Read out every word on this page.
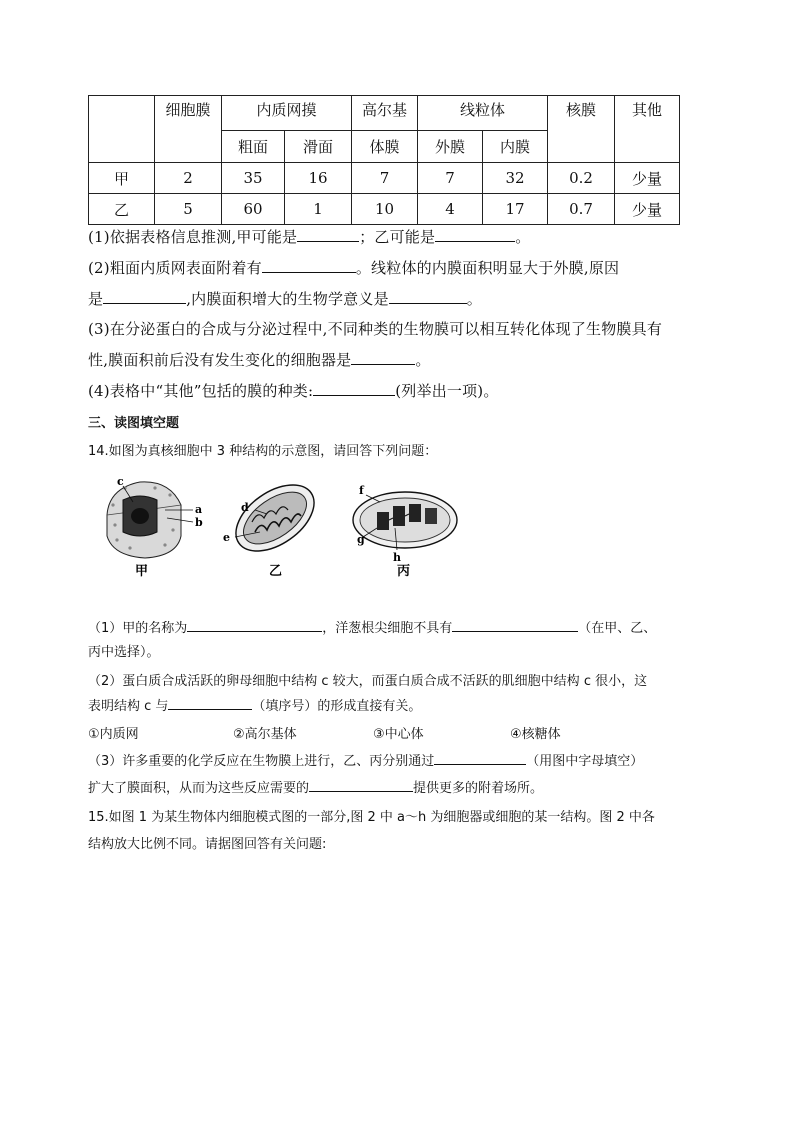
	细胞膜	内质网摸		高尔基	线粒体		核膜	其他
		粗面	滑面	体膜	外膜	内膜		
甲	2	35	16	7	7	32	0.2	少量
乙	5	60	1	10	4	17	0.7	少量
(1)依据表格信息推测,甲可能是	；乙可能是	。
(2)粗面内质网表面附着有	。线粒体的内膜面积明显大于外膜,原因
是	,内膜面积增大的生物学意义是	。
(3)在分泌蛋白的合成与分泌过程中,不同种类的生物膜可以相互转化体现了生物膜具有
性,膜面积前后没有发生变化的细胞器是	。
(4)表格中“其他”包括的膜的种类:	(列举出一项)。
三、读图填空题
14.如图为真核细胞中 3 种结构的示意图，请回答下列问题：
c
a
b
d
e
f
g
h
甲	乙	丙
（1）甲的名称为	，洋葱根尖细胞不具有	（在甲、乙、
丙中选择）。
（2）蛋白质合成活跃的卵母细胞中结构 c 较大，而蛋白质合成不活跃的肌细胞中结构 c 很小，这
表明结构 c 与	（填序号）的形成直接有关。
①内质网	②高尔基体	③中心体	④核糖体
（3）许多重要的化学反应在生物膜上进行，乙、丙分别通过	（用图中字母填空）
扩大了膜面积，从而为这些反应需要的	提供更多的附着场所。
15.如图 1 为某生物体内细胞模式图的一部分,图 2 中 a～h 为细胞器或细胞的某一结构。图 2 中各
结构放大比例不同。请据图回答有关问题:
